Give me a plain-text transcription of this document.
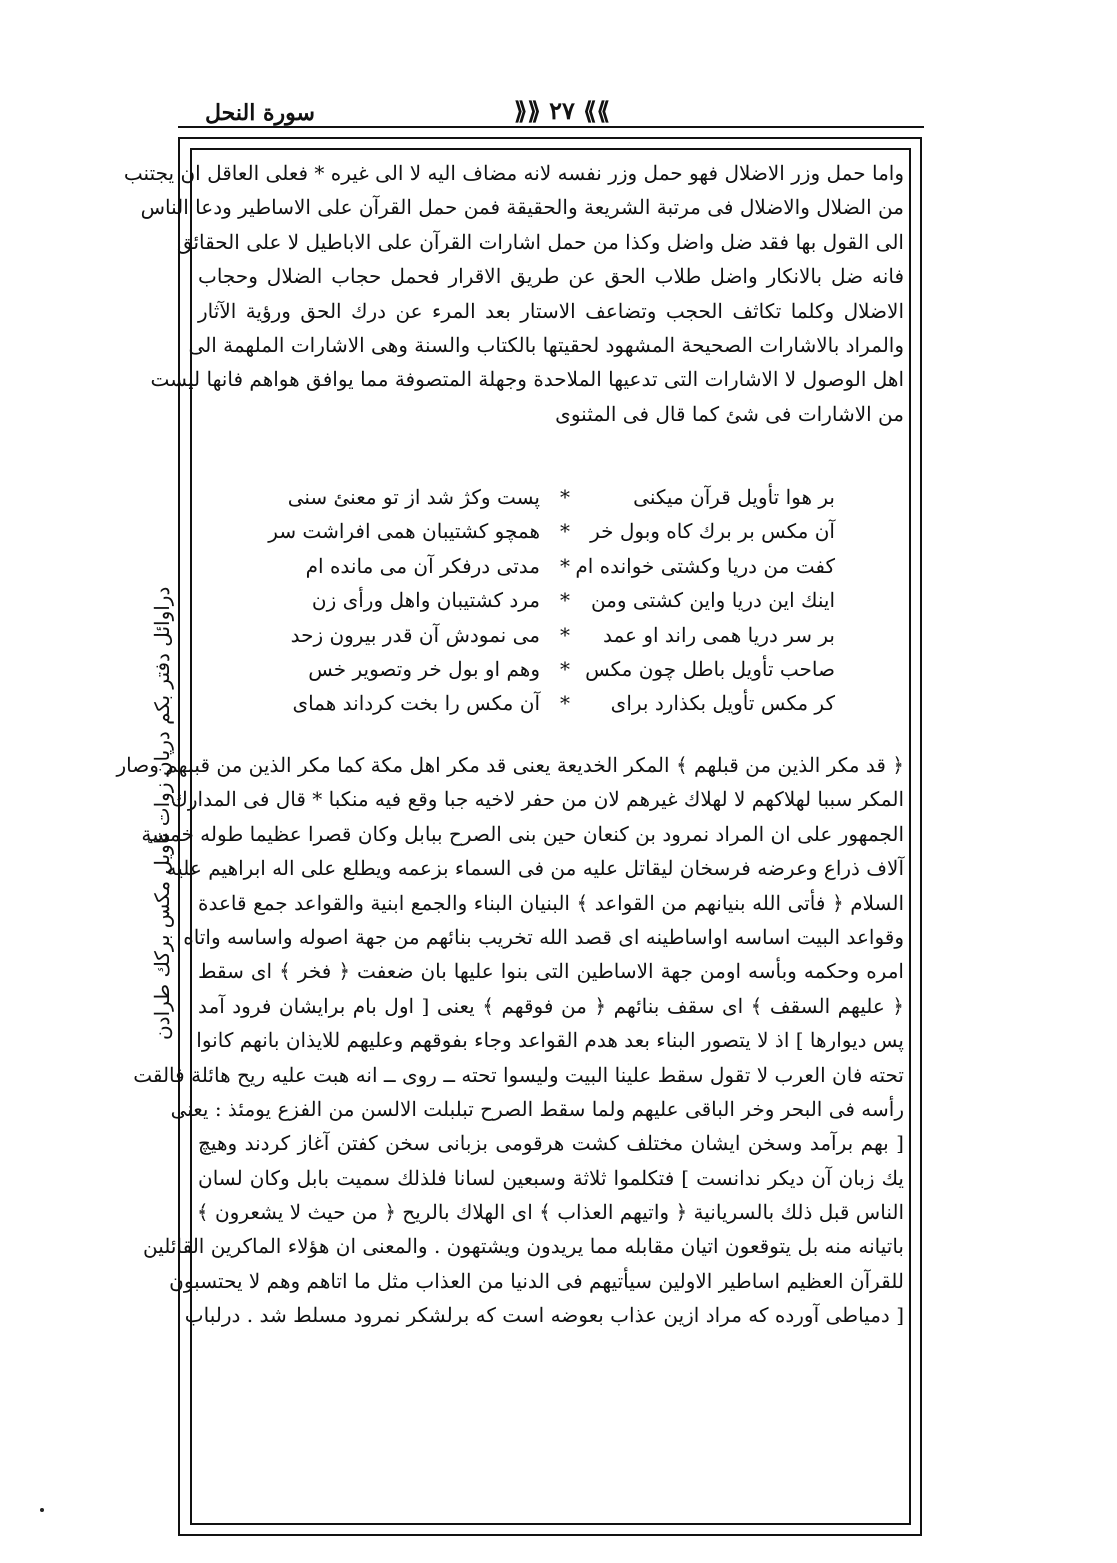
سورة النحل	⟫⟫ ٢٧ ⟪⟪
دراوائل دفتر بكم درپان زوات تأويل مكس بركك طرادن
واما حمل وزر الاضلال فهو حمل وزر نفسه لانه مضاف اليه لا الى غيره * فعلى العاقل ان يجتنب
من الضلال والاضلال فى مرتبة الشريعة والحقيقة فمن حمل القرآن على الاساطير ودعا الناس
الى القول بها فقد ضل واضل وكذا من حمل اشارات القرآن على الاباطيل لا على الحقائق
فانه ضل بالانكار واضل طلاب الحق عن طريق الاقرار فحمل حجاب الضلال وحجاب
الاضلال وكلما تكاثف الحجب وتضاعف الاستار بعد المرء عن درك الحق ورؤية الآثار
والمراد بالاشارات الصحيحة المشهود لحقيتها بالكتاب والسنة وهى الاشارات الملهمة الى
اهل الوصول لا الاشارات التى تدعيها الملاحدة وجهلة المتصوفة مما يوافق هواهم فانها ليست
من الاشارات فى شئ كما قال فى المثنوى
بر هوا تأويل قرآن ميكنى
*
پست وكژ شد از تو معنئ سنى
آن مكس بر برك كاه وبول خر
*
همچو كشتيبان همى افراشت سر
كفت من دريا وكشتى خوانده ام
*
مدتى درفكر آن مى مانده ام
اينك اين دريا واين كشتى ومن
*
مرد كشتيبان واهل ورأى زن
بر سر دريا همى راند او عمد
*
مى نمودش آن قدر بيرون زحد
صاحب تأويل باطل چون مكس
*
وهم او بول خر وتصوير خس
كر مكس تأويل بكذارد براى
*
آن مكس را بخت كرداند هماى
﴿ قد مكر الذين من قبلهم ﴾ المكر الخديعة يعنى قد مكر اهل مكة كما مكر الذين من قبلهم وصار
المكر سببا لهلاكهم لا لهلاك غيرهم لان من حفر لاخيه جبا وقع فيه منكبا * قال فى المدارك
الجمهور على ان المراد نمرود بن كنعان حين بنى الصرح ببابل وكان قصرا عظيما طوله خمسة
آلاف ذراع وعرضه فرسخان ليقاتل عليه من فى السماء بزعمه ويطلع على اله ابراهيم عليه
السلام ﴿ فأتى الله بنيانهم من القواعد ﴾ البنيان البناء والجمع ابنية والقواعد جمع قاعدة
وقواعد البيت اساسه اواساطينه اى قصد الله تخريب بنائهم من جهة اصوله واساسه واتاه
امره وحكمه وبأسه اومن جهة الاساطين التى بنوا عليها بان ضعفت ﴿ فخر ﴾ اى سقط
﴿ عليهم السقف ﴾ اى سقف بنائهم ﴿ من فوقهم ﴾ يعنى [ اول بام برايشان فرود آمد
پس ديوارها ] اذ لا يتصور البناء بعد هدم القواعد وجاء بفوقهم وعليهم للايذان بانهم كانوا
تحته فان العرب لا تقول سقط علينا البيت وليسوا تحته ــ روى ــ انه هبت عليه ريح هائلة فالقت
رأسه فى البحر وخر الباقى عليهم ولما سقط الصرح تبلبلت الالسن من الفزع يومئذ : يعنى
[ بهم برآمد وسخن ايشان مختلف كشت هرقومى بزبانى سخن كفتن آغاز كردند وهيچ
يك زبان آن ديكر ندانست ] فتكلموا ثلاثة وسبعين لسانا فلذلك سميت بابل وكان لسان
الناس قبل ذلك بالسريانية ﴿ واتيهم العذاب ﴾ اى الهلاك بالريح ﴿ من حيث لا يشعرون ﴾
باتيانه منه بل يتوقعون اتيان مقابله مما يريدون ويشتهون . والمعنى ان هؤلاء الماكرين القائلين
للقرآن العظيم اساطير الاولين سيأتيهم فى الدنيا من العذاب مثل ما اتاهم وهم لا يحتسبون
[ دمياطى آورده كه مراد ازين عذاب بعوضه است كه برلشكر نمرود مسلط شد . درلباب
